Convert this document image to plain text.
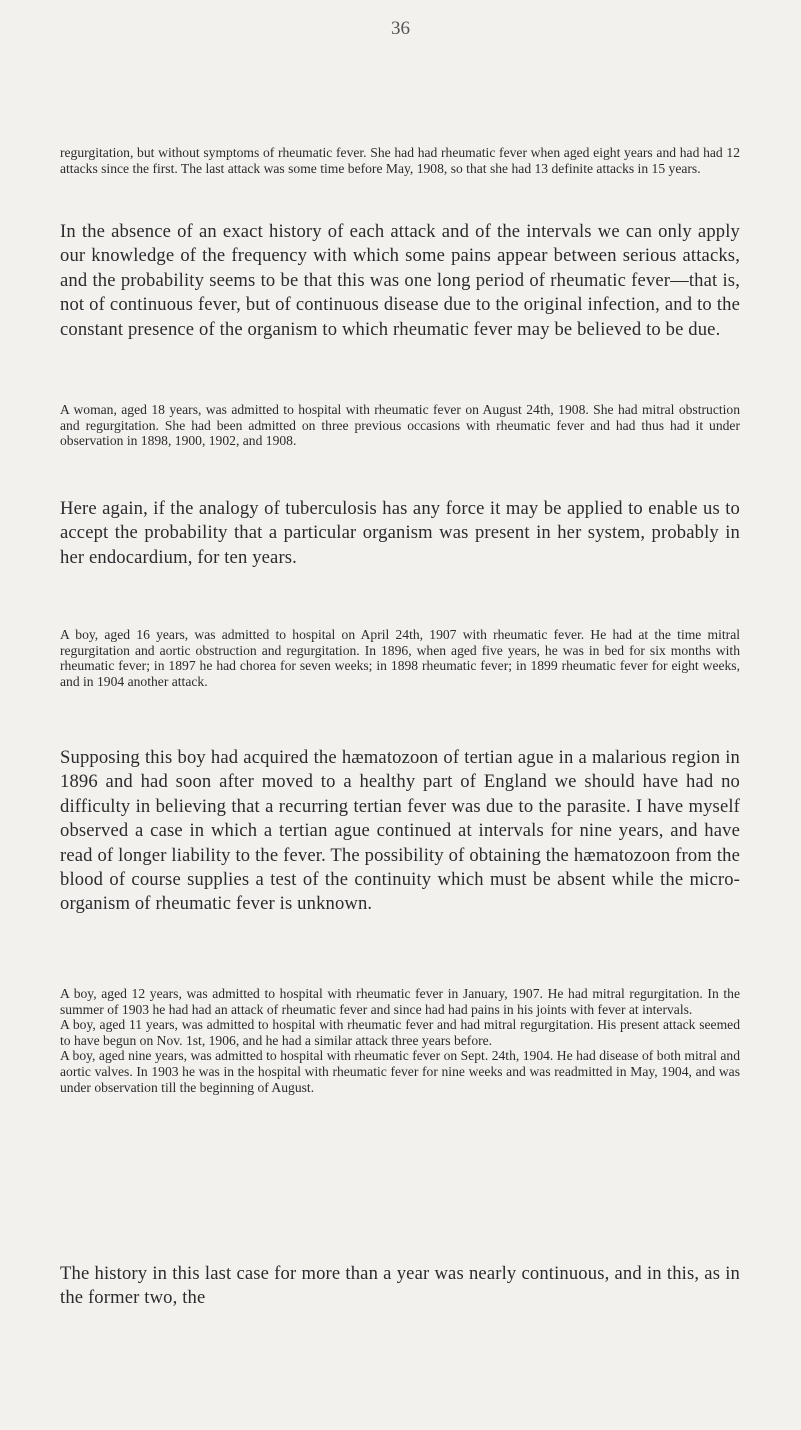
36

regurgitation, but without symptoms of rheumatic fever. She had had rheumatic fever when aged eight years and had had 12 attacks since the first. The last attack was some time before May, 1908, so that she had 13 definite attacks in 15 years.

In the absence of an exact history of each attack and of the intervals we can only apply our knowledge of the frequency with which some pains appear between serious attacks, and the probability seems to be that this was one long period of rheumatic fever—that is, not of continuous fever, but of continuous disease due to the original infection, and to the constant presence of the organism to which rheumatic fever may be believed to be due.

A woman, aged 18 years, was admitted to hospital with rheumatic fever on August 24th, 1908. She had mitral obstruction and regurgitation. She had been admitted on three previous occasions with rheumatic fever and had thus had it under observation in 1898, 1900, 1902, and 1908.

Here again, if the analogy of tuberculosis has any force it may be applied to enable us to accept the probability that a particular organism was present in her system, probably in her endocardium, for ten years.

A boy, aged 16 years, was admitted to hospital on April 24th, 1907 with rheumatic fever. He had at the time mitral regurgitation and aortic obstruction and regurgitation. In 1896, when aged five years, he was in bed for six months with rheumatic fever; in 1897 he had chorea for seven weeks; in 1898 rheumatic fever; in 1899 rheumatic fever for eight weeks, and in 1904 another attack.

Supposing this boy had acquired the hæmatozoon of tertian ague in a malarious region in 1896 and had soon after moved to a healthy part of England we should have had no difficulty in believing that a recurring tertian fever was due to the parasite. I have myself observed a case in which a tertian ague continued at intervals for nine years, and have read of longer liability to the fever. The possibility of obtaining the hæmatozoon from the blood of course supplies a test of the continuity which must be absent while the micro-organism of rheumatic fever is unknown.

A boy, aged 12 years, was admitted to hospital with rheumatic fever in January, 1907. He had mitral regurgitation. In the summer of 1903 he had had an attack of rheumatic fever and since had had pains in his joints with fever at intervals.

A boy, aged 11 years, was admitted to hospital with rheumatic fever and had mitral regurgitation. His present attack seemed to have begun on Nov. 1st, 1906, and he had a similar attack three years before.

A boy, aged nine years, was admitted to hospital with rheumatic fever on Sept. 24th, 1904. He had disease of both mitral and aortic valves. In 1903 he was in the hospital with rheumatic fever for nine weeks and was readmitted in May, 1904, and was under observation till the beginning of August.

The history in this last case for more than a year was nearly continuous, and in this, as in the former two, the
